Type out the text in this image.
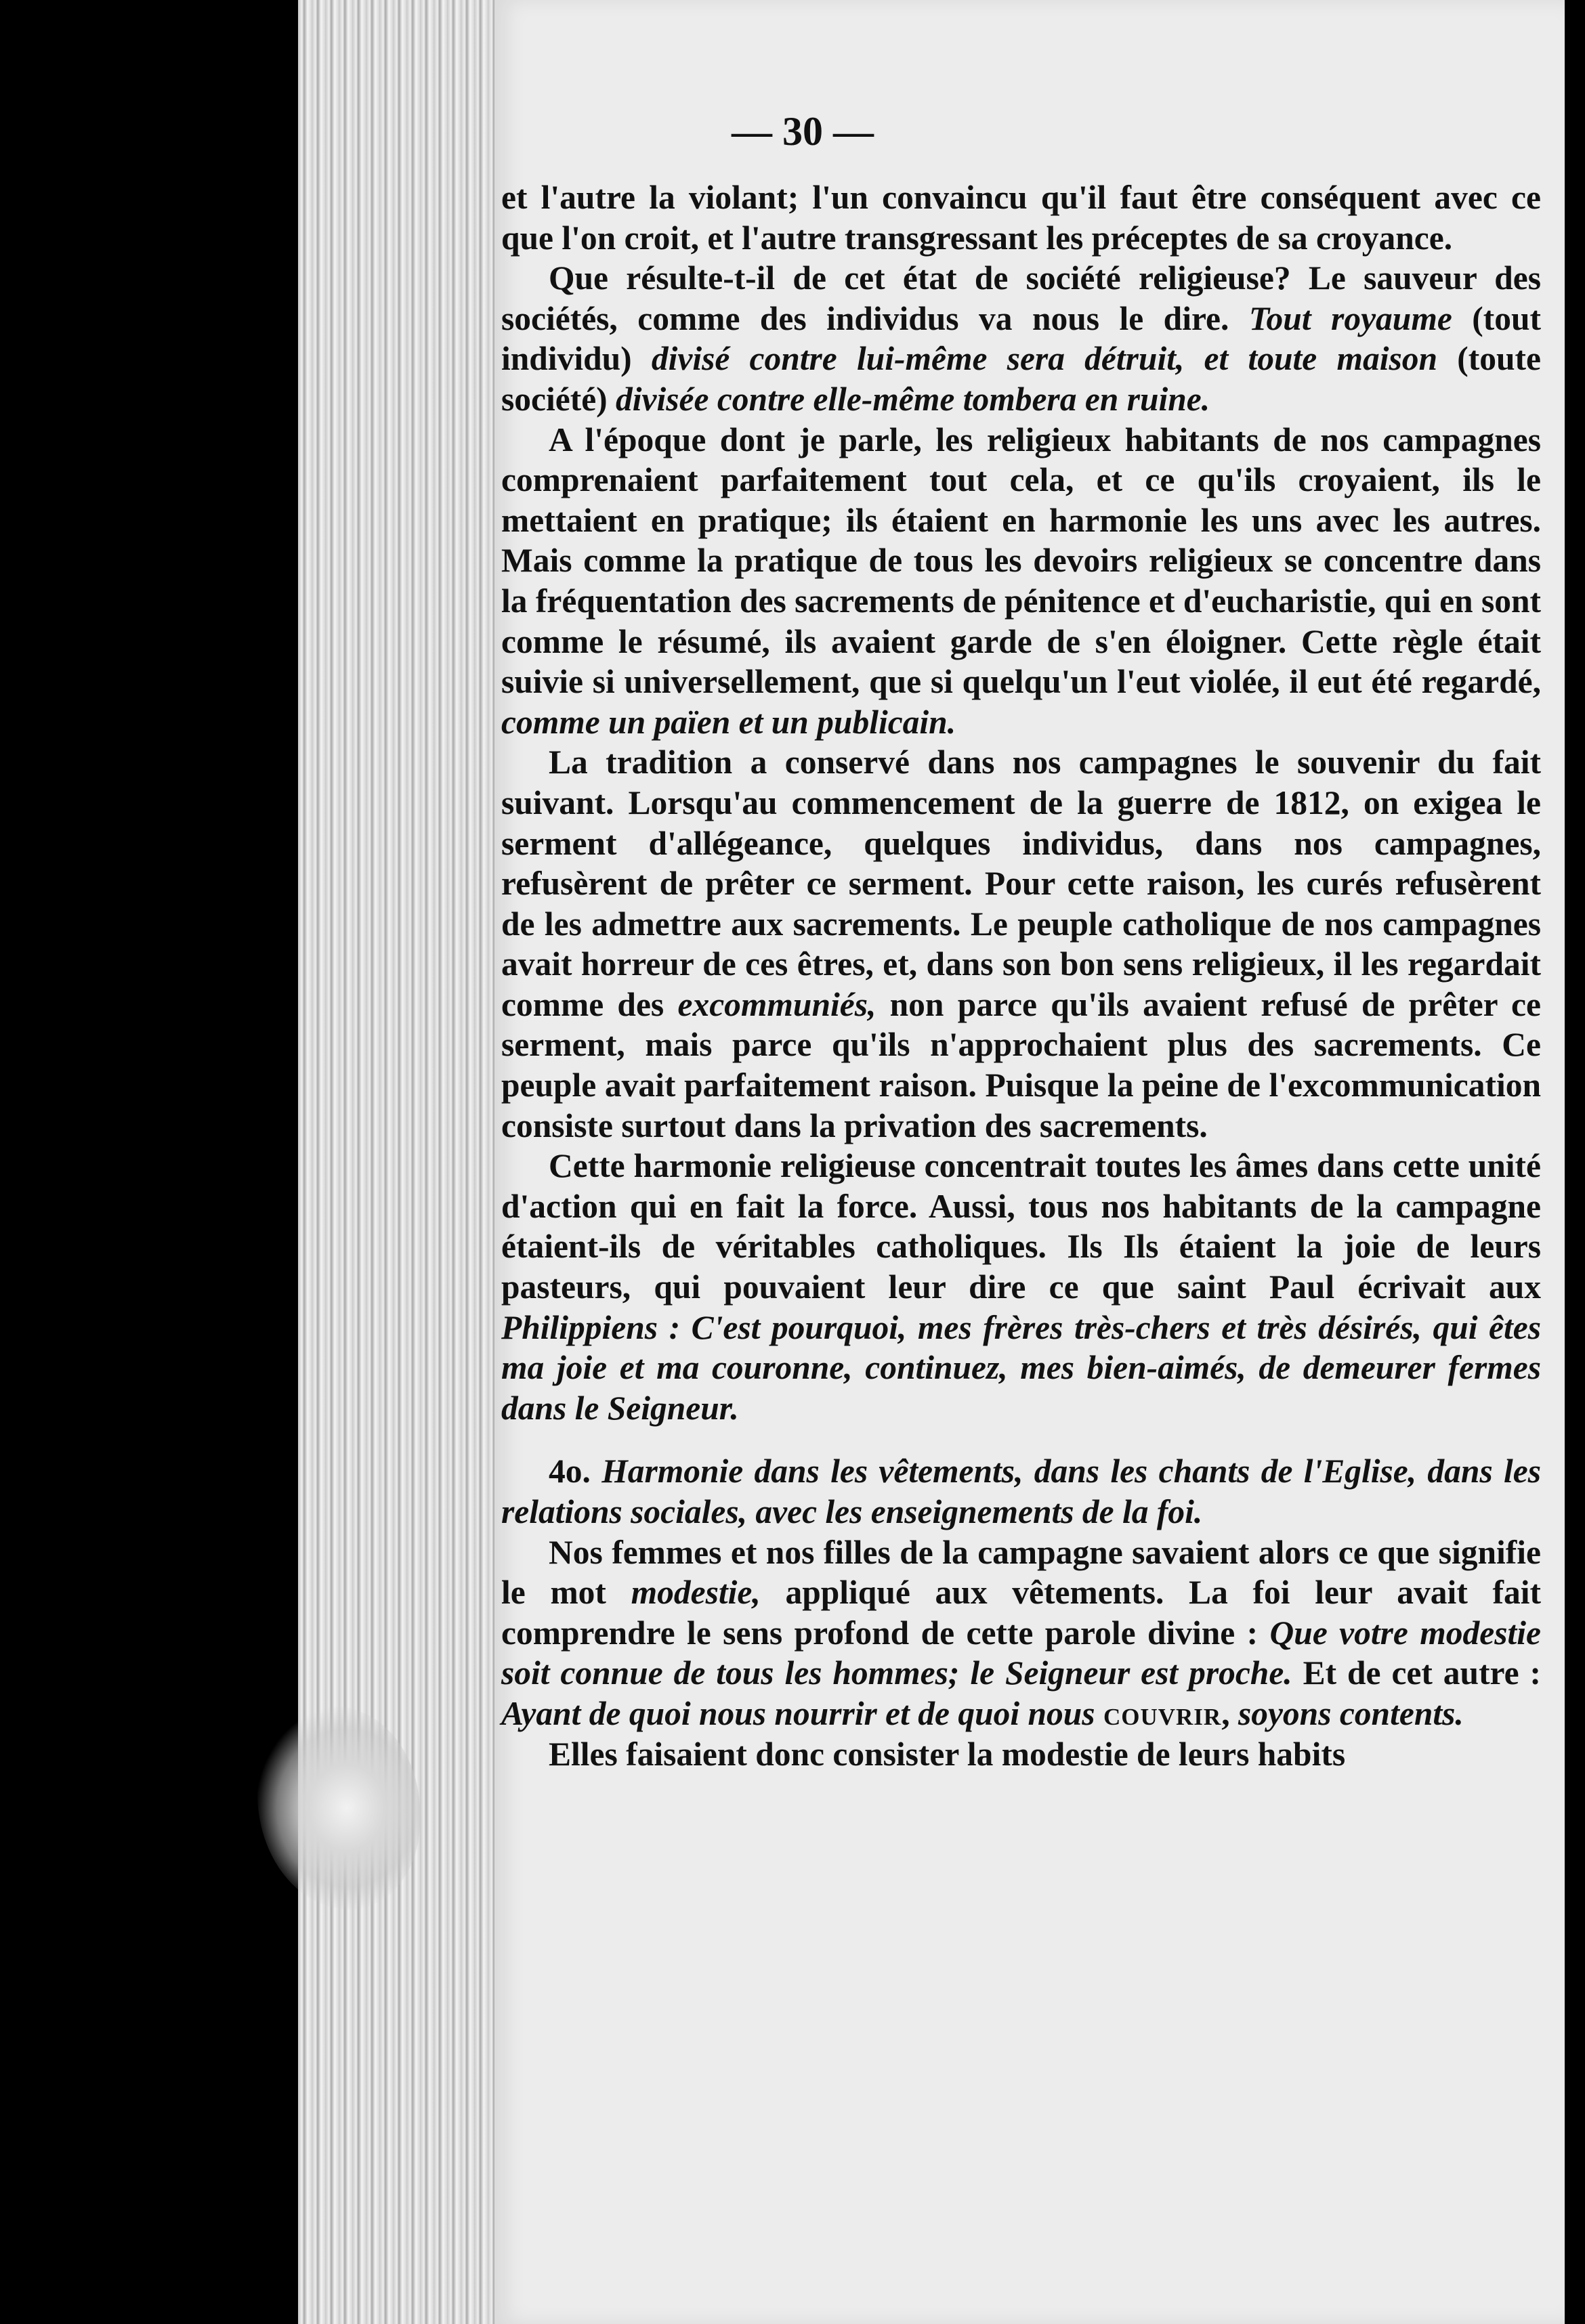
— 30 —

et l'autre la violant; l'un convaincu qu'il faut être conséquent avec ce que l'on croit, et l'autre transgressant les préceptes de sa croyance.

Que résulte-t-il de cet état de société religieuse? Le sauveur des sociétés, comme des individus va nous le dire. Tout royaume (tout individu) divisé contre lui-même sera détruit, et toute maison (toute société) divisée contre elle-même tombera en ruine.

A l'époque dont je parle, les religieux habitants de nos campagnes comprenaient parfaitement tout cela, et ce qu'ils croyaient, ils le mettaient en pratique; ils étaient en harmonie les uns avec les autres. Mais comme la pratique de tous les devoirs religieux se concentre dans la fréquentation des sacrements de pénitence et d'eucharistie, qui en sont comme le résumé, ils avaient garde de s'en éloigner. Cette règle était suivie si universellement, que si quelqu'un l'eut violée, il eut été regardé, comme un païen et un publicain.

La tradition a conservé dans nos campagnes le souvenir du fait suivant. Lorsqu'au commencement de la guerre de 1812, on exigea le serment d'allégeance, quelques individus, dans nos campagnes, refusèrent de prêter ce serment. Pour cette raison, les curés refusèrent de les admettre aux sacrements. Le peuple catholique de nos campagnes avait horreur de ces êtres, et, dans son bon sens religieux, il les regardait comme des excommuniés, non parce qu'ils avaient refusé de prêter ce serment, mais parce qu'ils n'approchaient plus des sacrements. Ce peuple avait parfaitement raison. Puisque la peine de l'excommunication consiste surtout dans la privation des sacrements.

Cette harmonie religieuse concentrait toutes les âmes dans cette unité d'action qui en fait la force. Aussi, tous nos habitants de la campagne étaient-ils de véritables catholiques. Ils Ils étaient la joie de leurs pasteurs, qui pouvaient leur dire ce que saint Paul écrivait aux Philippiens : C'est pourquoi, mes frères très-chers et très désirés, qui êtes ma joie et ma couronne, continuez, mes bien-aimés, de demeurer fermes dans le Seigneur.

4o. Harmonie dans les vêtements, dans les chants de l'Eglise, dans les relations sociales, avec les enseignements de la foi.

Nos femmes et nos filles de la campagne savaient alors ce que signifie le mot modestie, appliqué aux vêtements. La foi leur avait fait comprendre le sens profond de cette parole divine : Que votre modestie soit connue de tous les hommes; le Seigneur est proche. Et de cet autre : Ayant de quoi nous nourrir et de quoi nous couvrir, soyons contents.

Elles faisaient donc consister la modestie de leurs habits
